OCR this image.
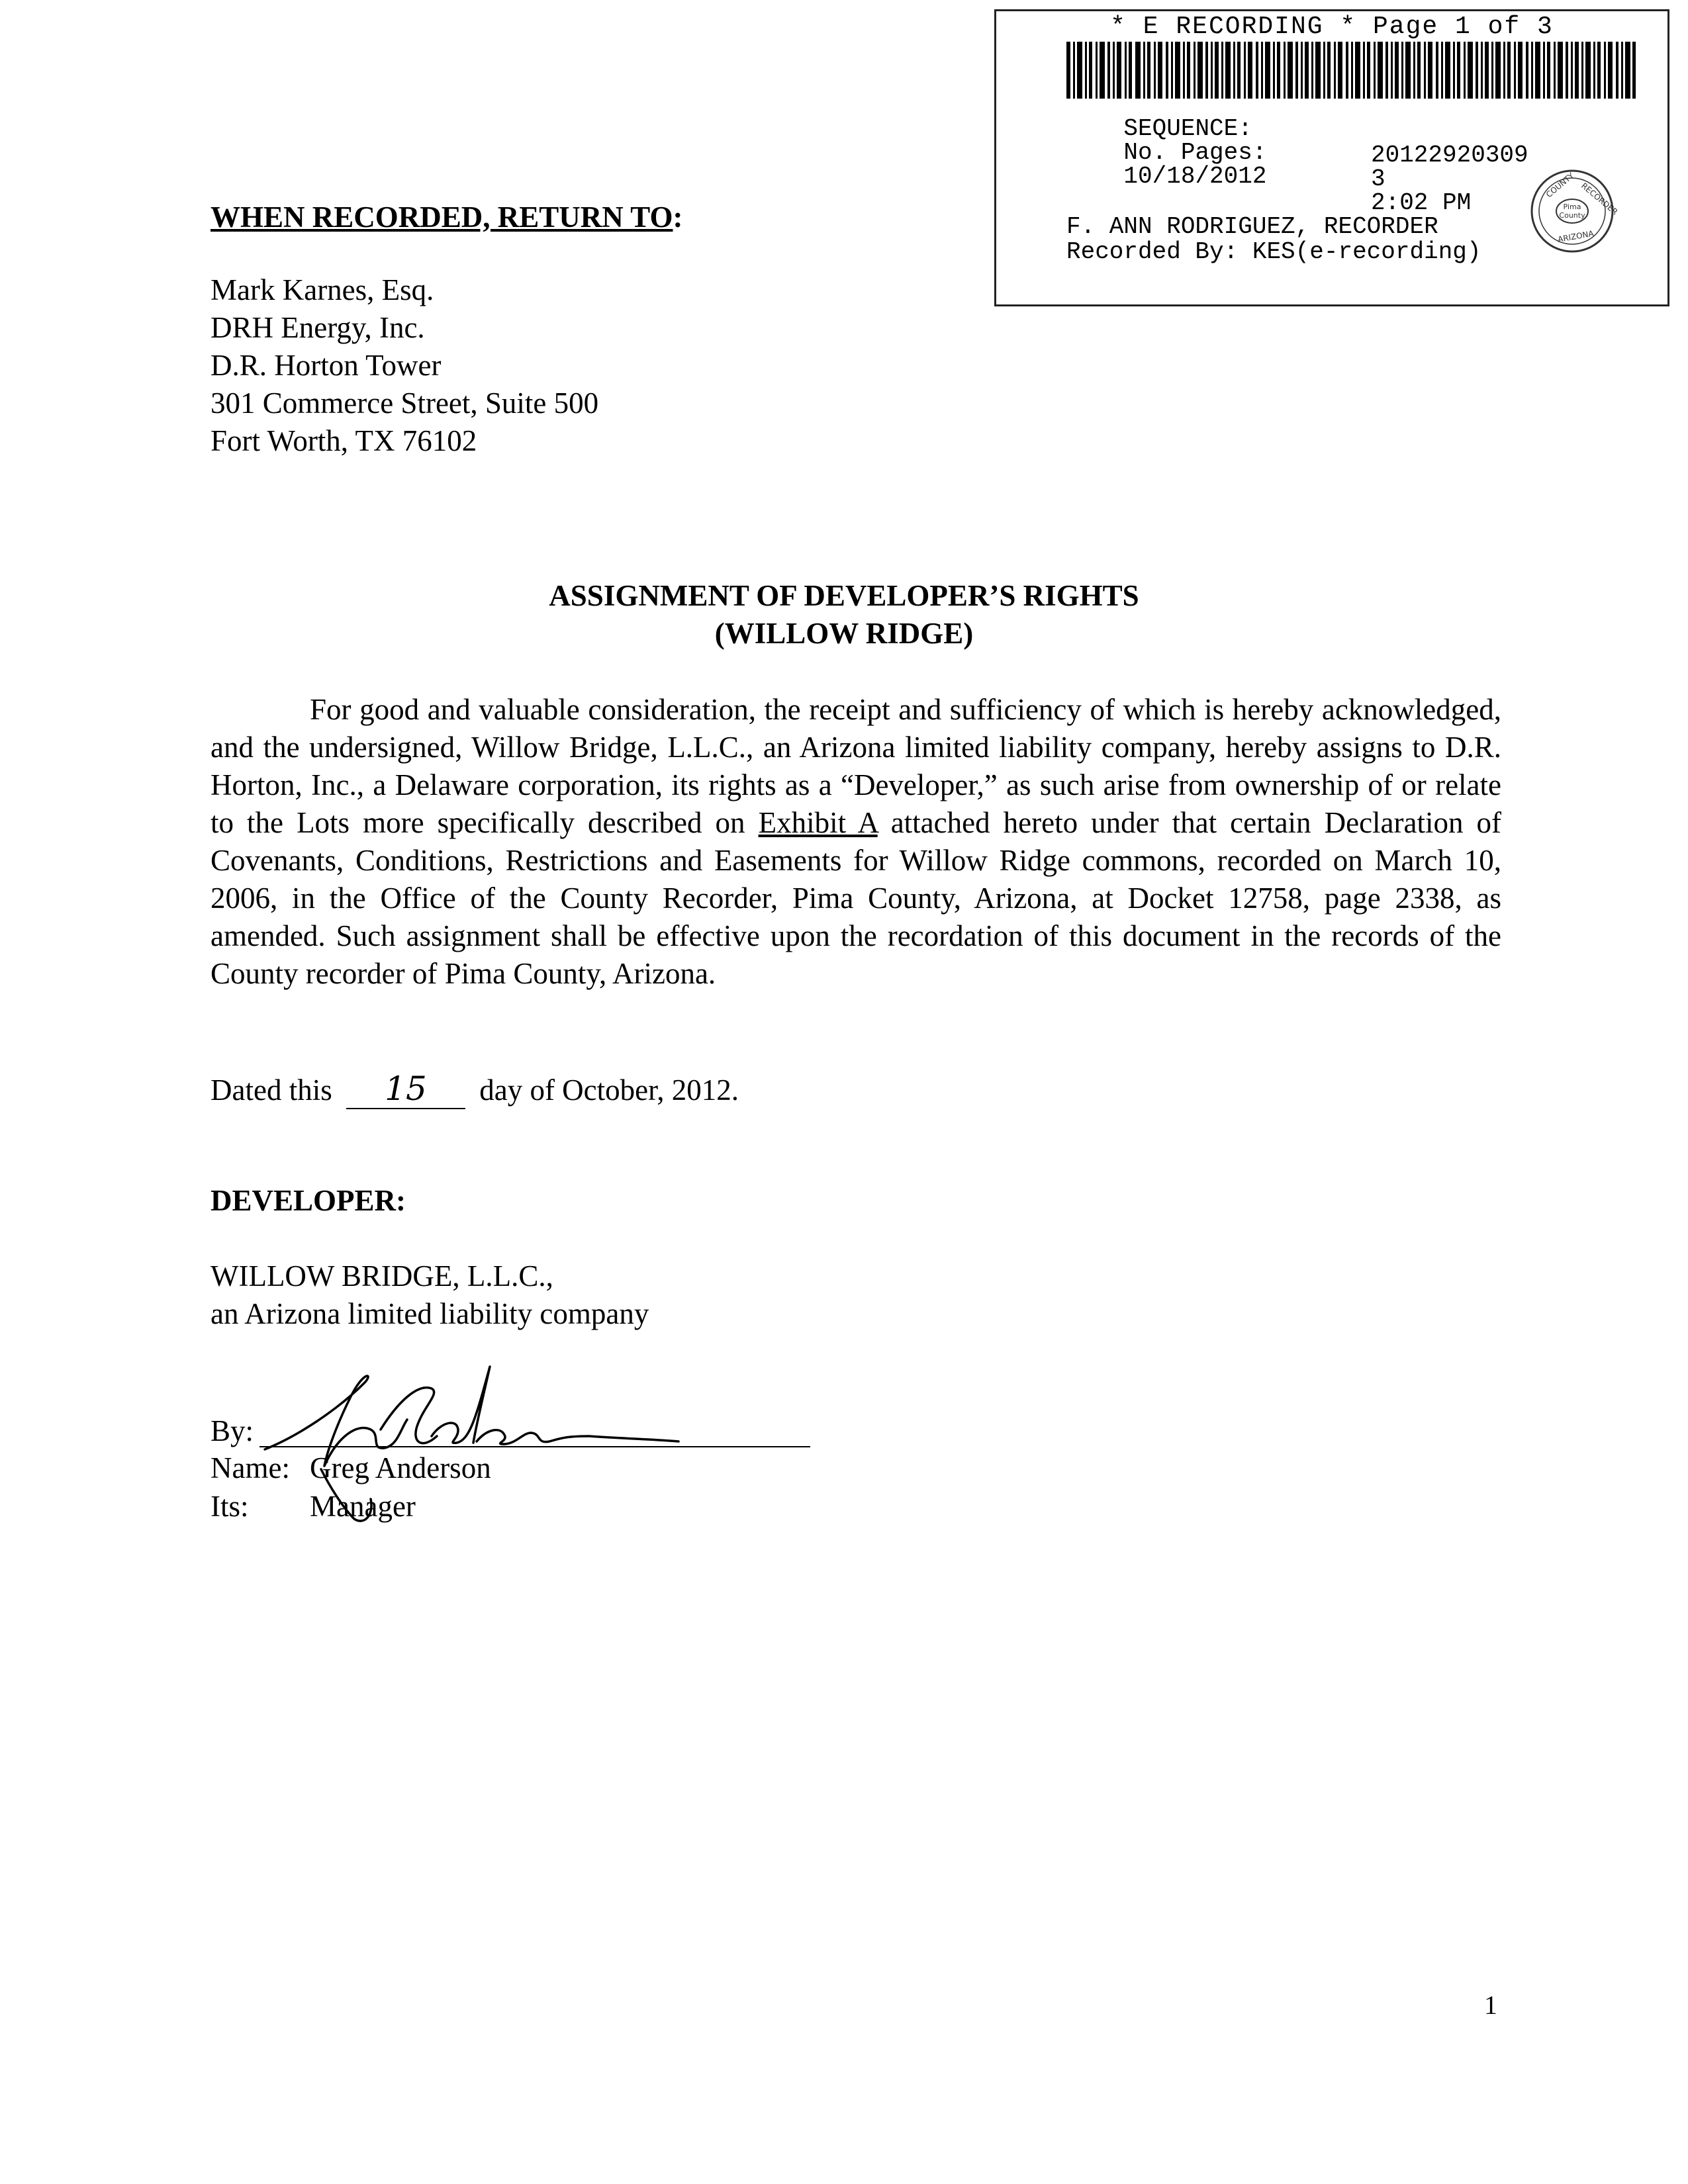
* E RECORDING * Page 1 of 3

SEQUENCE:

20122920309

No. Pages:

3

10/18/2012

2:02 PM

F. ANN RODRIGUEZ, RECORDER
Recorded By: KES(e-recording)
Pima
County
COUNTY RECORDER
ARIZONA
WHEN RECORDED, RETURN TO:
Mark Karnes, Esq.
DRH Energy, Inc.
D.R. Horton Tower
301 Commerce Street, Suite 500
Fort Worth, TX 76102
ASSIGNMENT OF DEVELOPER’S RIGHTS
(WILLOW RIDGE)
For good and valuable consideration, the receipt and sufficiency of which is hereby acknowledged, and the undersigned, Willow Bridge, L.L.C., an Arizona limited liability company, hereby assigns to D.R. Horton, Inc., a Delaware corporation, its rights as a “Developer,” as such arise from ownership of or relate to the Lots more specifically described on Exhibit A attached hereto under that certain Declaration of Covenants, Conditions, Restrictions and Easements for Willow Ridge commons, recorded on March 10, 2006, in the Office of the County Recorder, Pima County, Arizona, at Docket 12758, page 2338, as amended. Such assignment shall be effective upon the recordation of this document in the records of the County recorder of Pima County, Arizona.
Dated this 15 day of October, 2012.
DEVELOPER:
WILLOW BRIDGE, L.L.C.,
an Arizona limited liability company
By:
Name: Greg Anderson
Its: Manager
1
